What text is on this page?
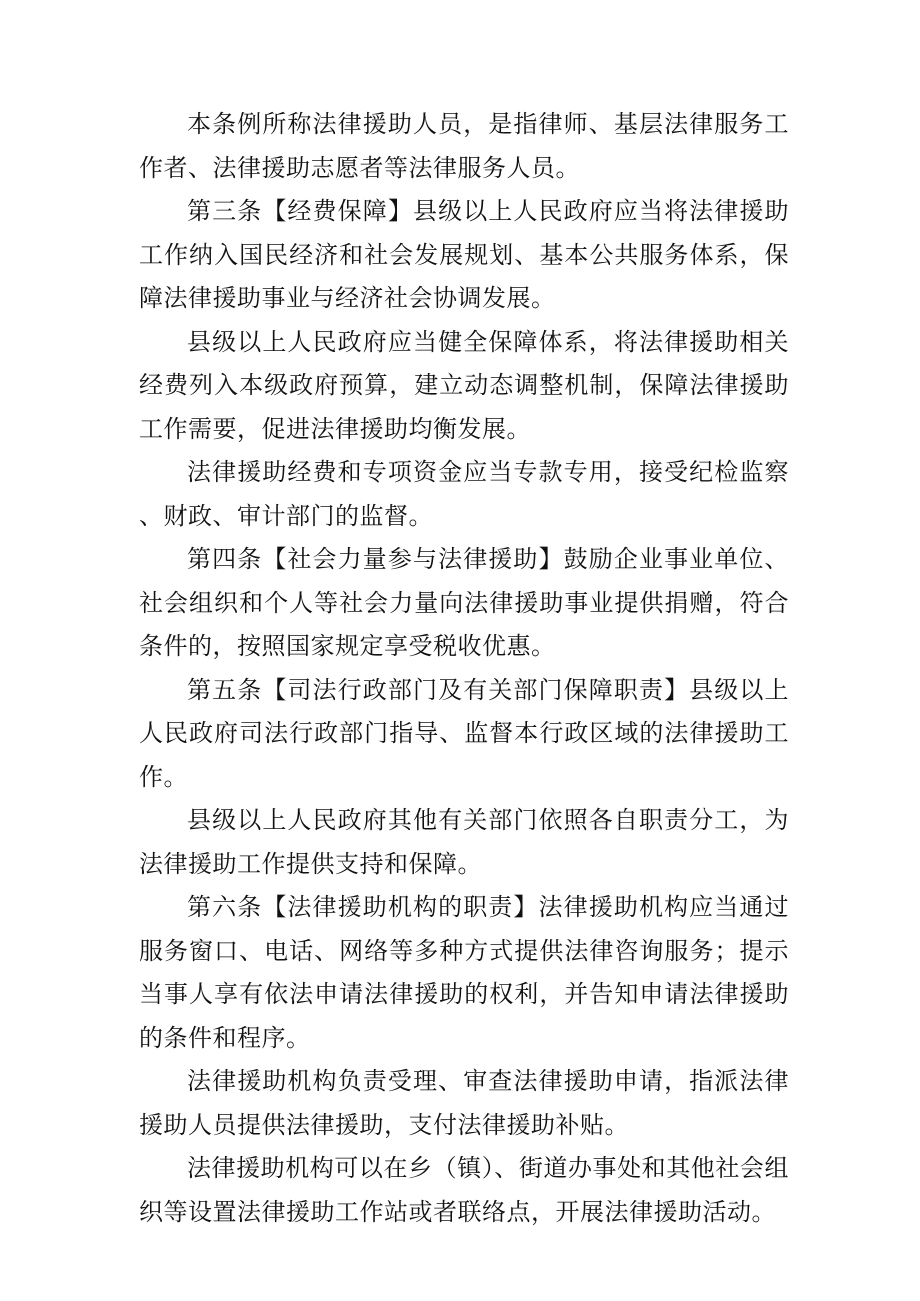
本条例所称法律援助人员，是指律师、基层法律服务工作者、法律援助志愿者等法律服务人员。

第三条【经费保障】县级以上人民政府应当将法律援助工作纳入国民经济和社会发展规划、基本公共服务体系，保障法律援助事业与经济社会协调发展。

县级以上人民政府应当健全保障体系，将法律援助相关经费列入本级政府预算，建立动态调整机制，保障法律援助工作需要，促进法律援助均衡发展。

法律援助经费和专项资金应当专款专用，接受纪检监察、财政、审计部门的监督。

第四条【社会力量参与法律援助】鼓励企业事业单位、社会组织和个人等社会力量向法律援助事业提供捐赠，符合条件的，按照国家规定享受税收优惠。

第五条【司法行政部门及有关部门保障职责】县级以上人民政府司法行政部门指导、监督本行政区域的法律援助工作。

县级以上人民政府其他有关部门依照各自职责分工，为法律援助工作提供支持和保障。

第六条【法律援助机构的职责】法律援助机构应当通过服务窗口、电话、网络等多种方式提供法律咨询服务；提示当事人享有依法申请法律援助的权利，并告知申请法律援助的条件和程序。

法律援助机构负责受理、审查法律援助申请，指派法律援助人员提供法律援助，支付法律援助补贴。

法律援助机构可以在乡（镇）、街道办事处和其他社会组织等设置法律援助工作站或者联络点，开展法律援助活动。
